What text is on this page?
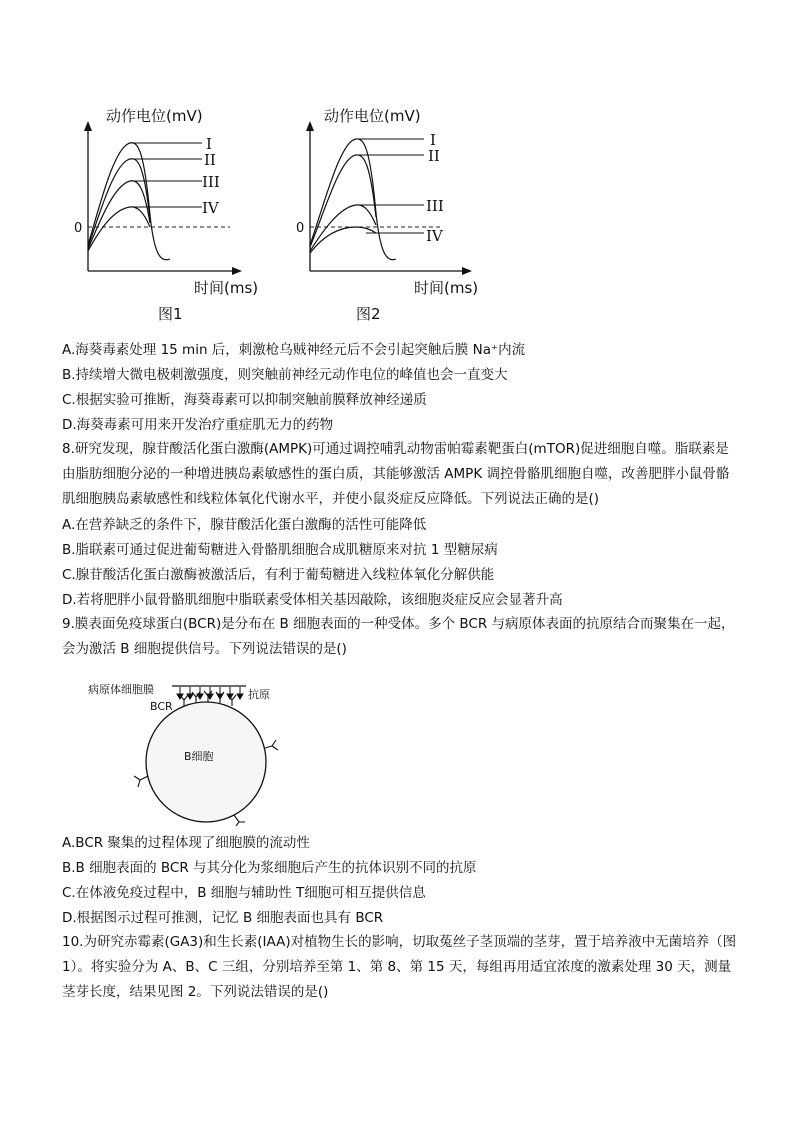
动作电位(mV)
0
I
II
III
IV
时间(ms)
图1
动作电位(mV)
0
I
II
III
IV
时间(ms)
图2
A.海葵毒素处理 15 min 后，刺激枪乌贼神经元后不会引起突触后膜 Na⁺内流
B.持续增大微电极刺激强度，则突触前神经元动作电位的峰值也会一直变大
C.根据实验可推断，海葵毒素可以抑制突触前膜释放神经递质
D.海葵毒素可用来开发治疗重症肌无力的药物
8.研究发现，腺苷酸活化蛋白激酶(AMPK)可通过调控哺乳动物雷帕霉素靶蛋白(mTOR)促进细胞自噬。脂联素是由脂肪细胞分泌的一种增进胰岛素敏感性的蛋白质，其能够激活 AMPK 调控骨骼肌细胞自噬，改善肥胖小鼠骨骼肌细胞胰岛素敏感性和线粒体氧化代谢水平，并使小鼠炎症反应降低。下列说法正确的是()
A.在营养缺乏的条件下，腺苷酸活化蛋白激酶的活性可能降低
B.脂联素可通过促进葡萄糖进入骨骼肌细胞合成肌糖原来对抗 1 型糖尿病
C.腺苷酸活化蛋白激酶被激活后，有利于葡萄糖进入线粒体氧化分解供能
D.若将肥胖小鼠骨骼肌细胞中脂联素受体相关基因敲除，该细胞炎症反应会显著升高
9.膜表面免疫球蛋白(BCR)是分布在 B 细胞表面的一种受体。多个 BCR 与病原体表面的抗原结合而聚集在一起，会为激活 B 细胞提供信号。下列说法错误的是()
病原体细胞膜	抗原
BCR
B细胞
A.BCR 聚集的过程体现了细胞膜的流动性
B.B 细胞表面的 BCR 与其分化为浆细胞后产生的抗体识别不同的抗原
C.在体液免疫过程中，B 细胞与辅助性 T细胞可相互提供信息
D.根据图示过程可推测，记忆 B 细胞表面也具有 BCR
10.为研究赤霉素(GA3)和生长素(IAA)对植物生长的影响，切取菟丝子茎顶端的茎芽，置于培养液中无菌培养（图 1）。将实验分为 A、B、C 三组，分别培养至第 1、第 8、第 15 天，每组再用适宜浓度的激素处理 30 天，测量茎芽长度，结果见图 2。下列说法错误的是()
